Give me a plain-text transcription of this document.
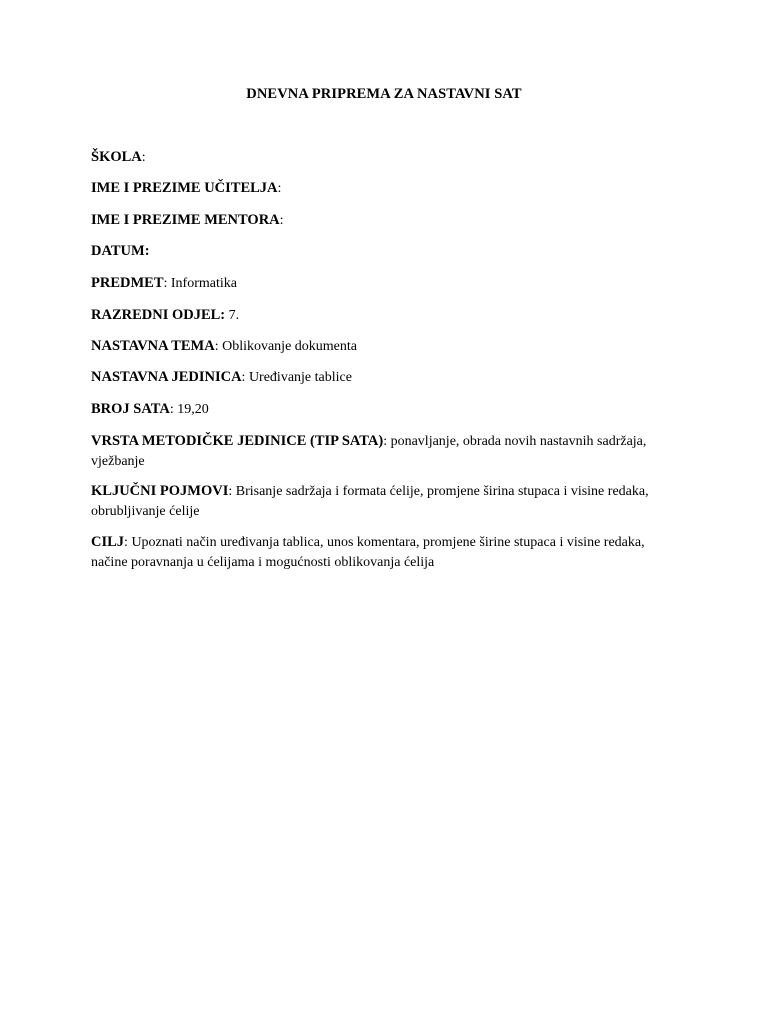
DNEVNA PRIPREMA ZA NASTAVNI SAT
ŠKOLA:
IME I PREZIME UČITELJA:
IME I PREZIME MENTORA:
DATUM:
PREDMET: Informatika
RAZREDNI ODJEL: 7.
NASTAVNA TEMA: Oblikovanje dokumenta
NASTAVNA JEDINICA: Uređivanje tablice
BROJ SATA: 19,20
VRSTA METODIČKE JEDINICE (TIP SATA): ponavljanje, obrada novih nastavnih sadržaja, vježbanje
KLJUČNI POJMOVI: Brisanje sadržaja i formata ćelije, promjene širina stupaca i visine redaka, obrubljivanje ćelije
CILJ: Upoznati način uređivanja tablica, unos komentara, promjene širine stupaca i visine redaka, načine poravnanja u ćelijama i mogućnosti oblikovanja ćelija
